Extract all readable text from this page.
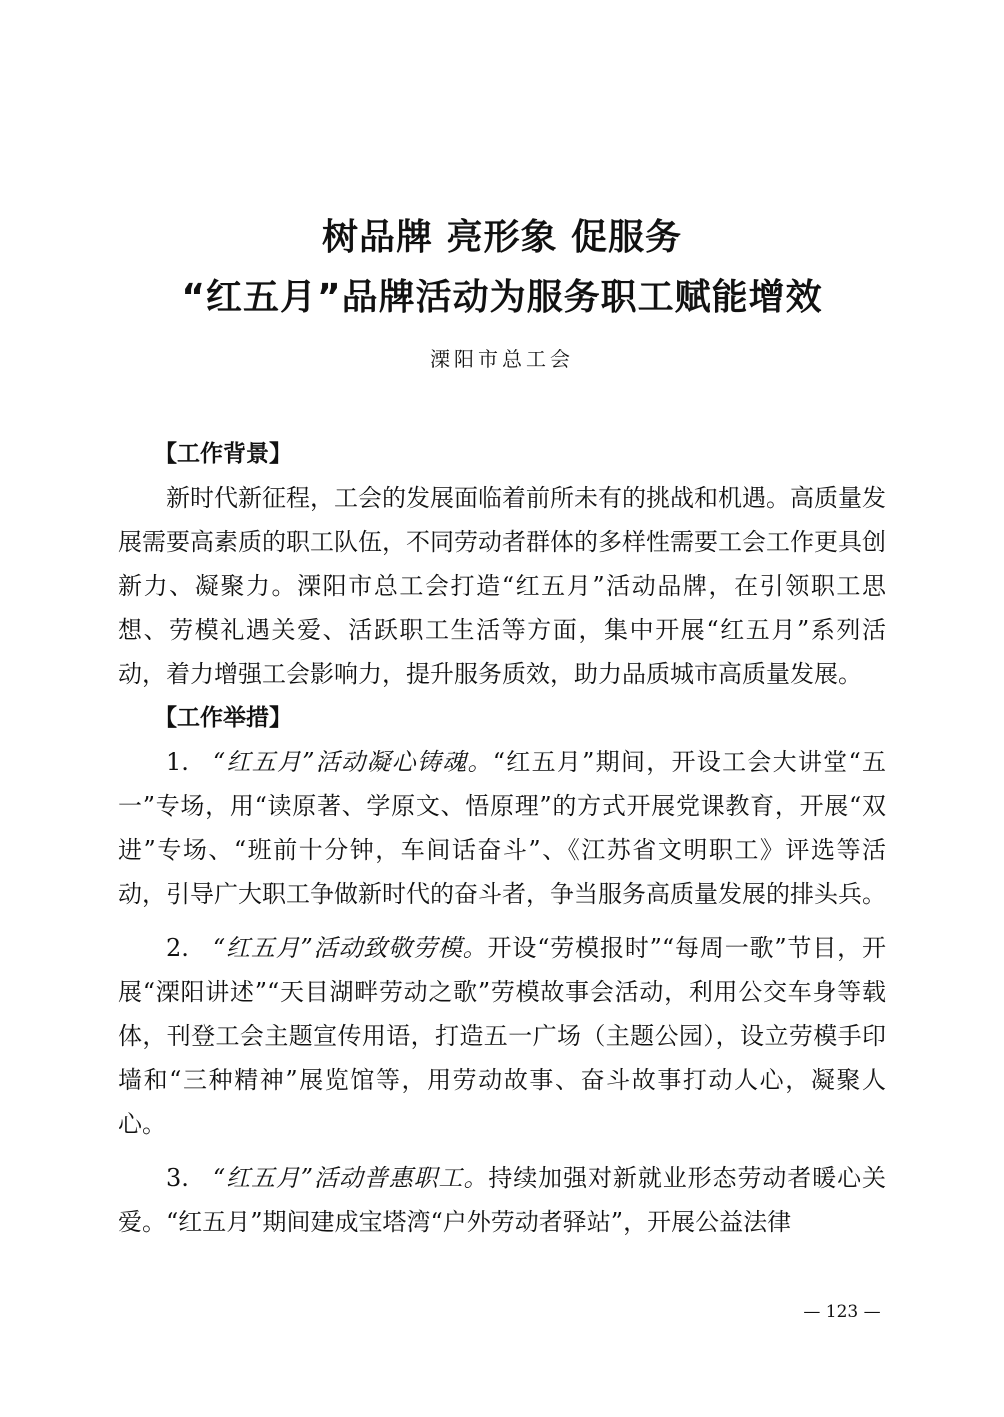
树品牌 亮形象 促服务
“红五月”品牌活动为服务职工赋能增效
溧阳市总工会

【工作背景】

新时代新征程，工会的发展面临着前所未有的挑战和机遇。高质量发展需要高素质的职工队伍，不同劳动者群体的多样性需要工会工作更具创新力、凝聚力。溧阳市总工会打造“红五月”活动品牌，在引领职工思想、劳模礼遇关爱、活跃职工生活等方面，集中开展“红五月”系列活动，着力增强工会影响力，提升服务质效，助力品质城市高质量发展。

【工作举措】

1.  “红五月”活动凝心铸魂。“红五月”期间，开设工会大讲堂“五一”专场，用“读原著、学原文、悟原理”的方式开展党课教育，开展“双进”专场、“班前十分钟，车间话奋斗”、《江苏省文明职工》评选等活动，引导广大职工争做新时代的奋斗者，争当服务高质量发展的排头兵。

2.  “红五月”活动致敬劳模。开设“劳模报时”“每周一歌”节目，开展“溧阳讲述”“天目湖畔劳动之歌”劳模故事会活动，利用公交车身等载体，刊登工会主题宣传用语，打造五一广场（主题公园），设立劳模手印墙和“三种精神”展览馆等，用劳动故事、奋斗故事打动人心，凝聚人心。

3.  “红五月”活动普惠职工。持续加强对新就业形态劳动者暖心关爱。“红五月”期间建成宝塔湾“户外劳动者驿站”，开展公益法律

— 123 —
